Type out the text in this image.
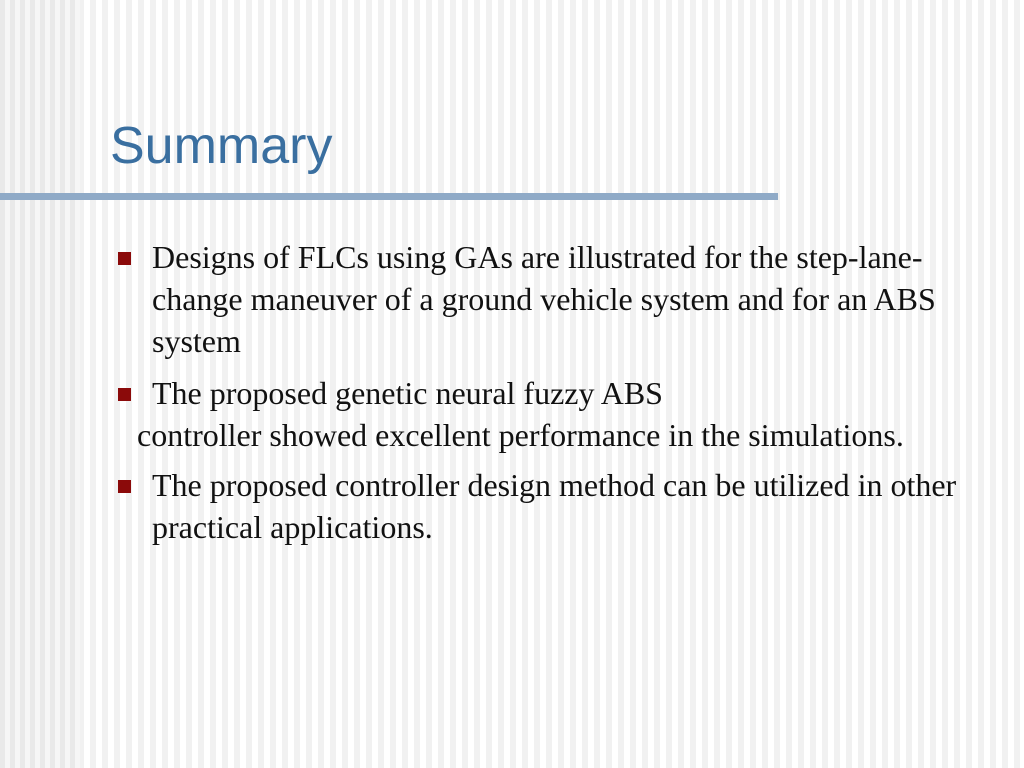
Summary
Designs of FLCs using GAs are illustrated for the step-lane-change maneuver of a ground vehicle system and for an ABS system
The proposed genetic neural fuzzy ABS
controller showed excellent performance in the simulations.
The proposed controller design method can be utilized in other practical applications.
